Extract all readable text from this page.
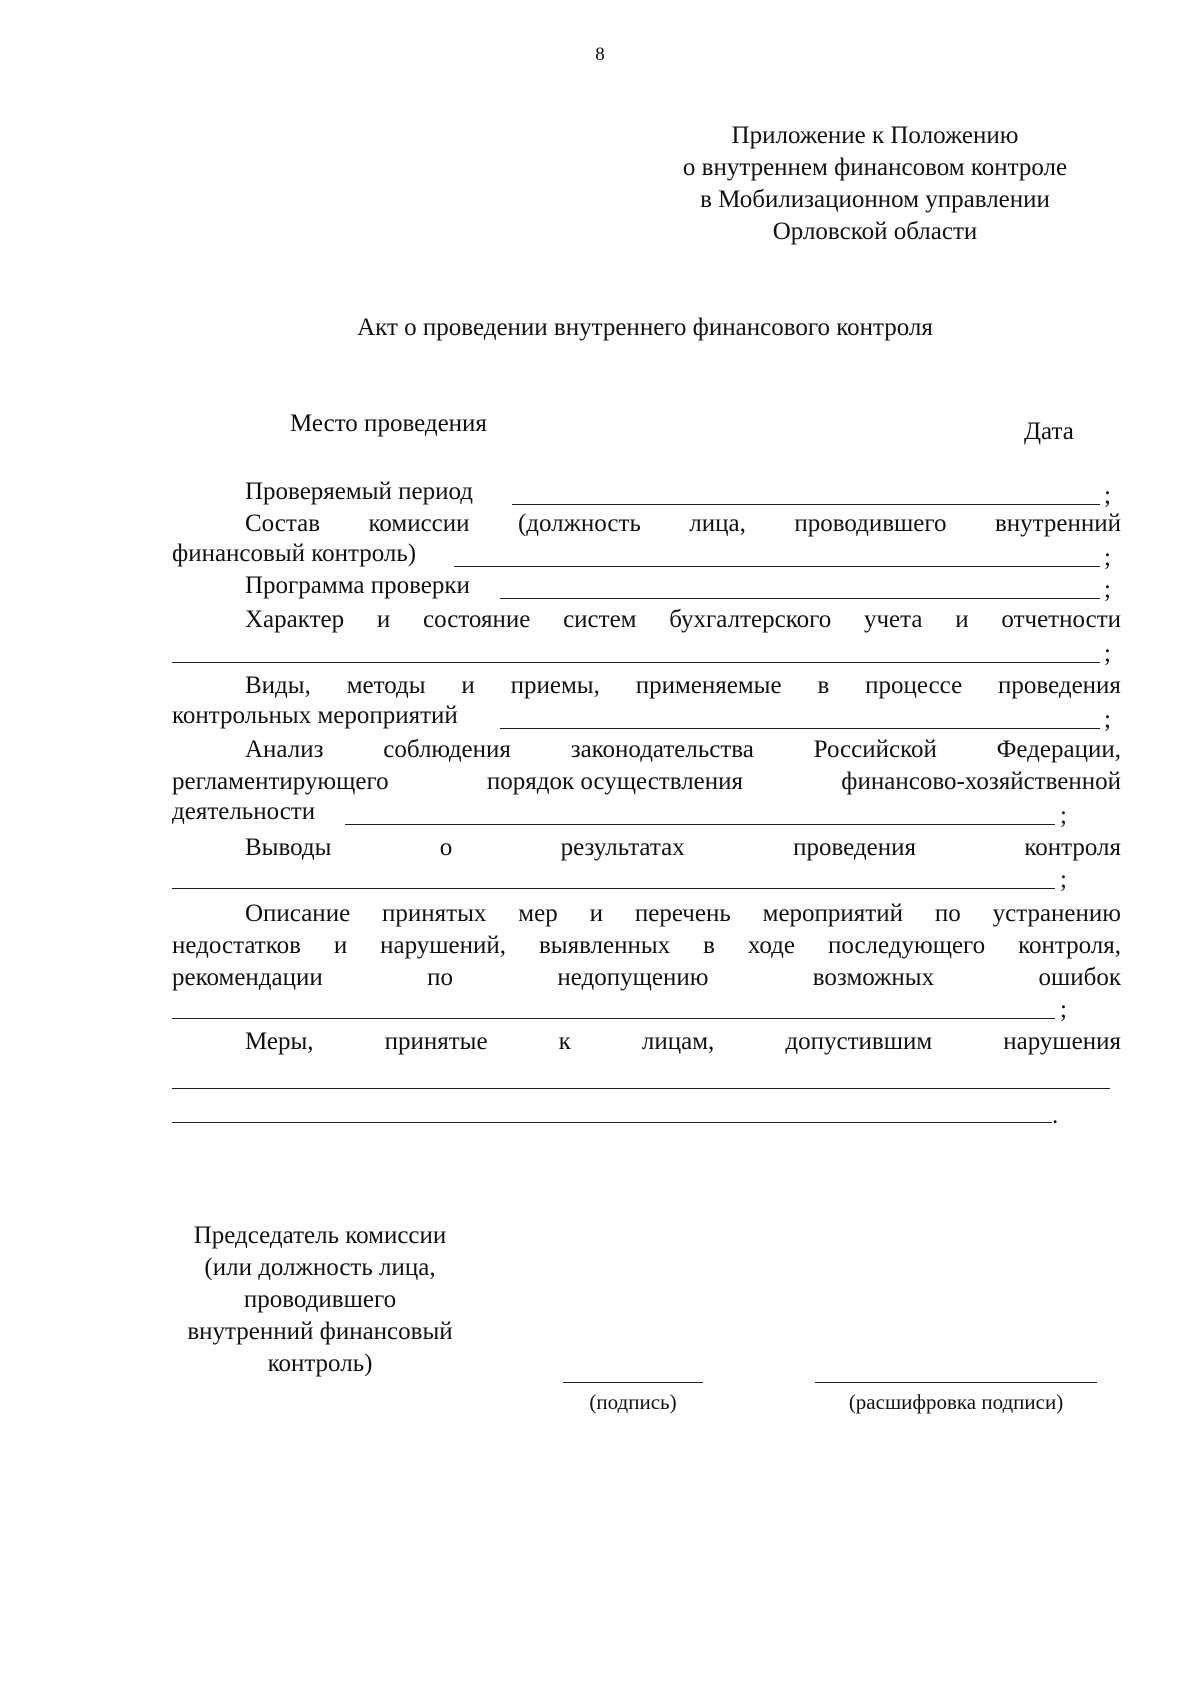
8
Приложение к Положению
о внутреннем финансовом контроле
в Мобилизационном управлении
Орловской области
Акт о проведении внутреннего финансового контроля
Место проведения	Дата
Проверяемый период	;
Состав комиссии (должность лица, проводившего внутренний
финансовый контроль)	;
Программа проверки	;
Характер и состояние систем бухгалтерского учета и отчетности
;
Виды, методы и приемы, применяемые в процессе проведения
контрольных мероприятий	;
Анализ соблюдения законодательства Российской Федерации,
регламентирующего	порядок осуществления	финансово-хозяйственной
деятельности	;
Выводы	о	результатах	проведения	контроля
;
Описание принятых мер и перечень мероприятий по устранению
недостатков и нарушений, выявленных в ходе последующего контроля,
рекомендации	по	недопущению	возможных	ошибок
;
Меры,	принятые	к	лицам,	допустившим	нарушения
.
Председатель комиссии
(или должность лица,
проводившего
внутренний финансовый
контроль)
(подпись)	(расшифровка подписи)
